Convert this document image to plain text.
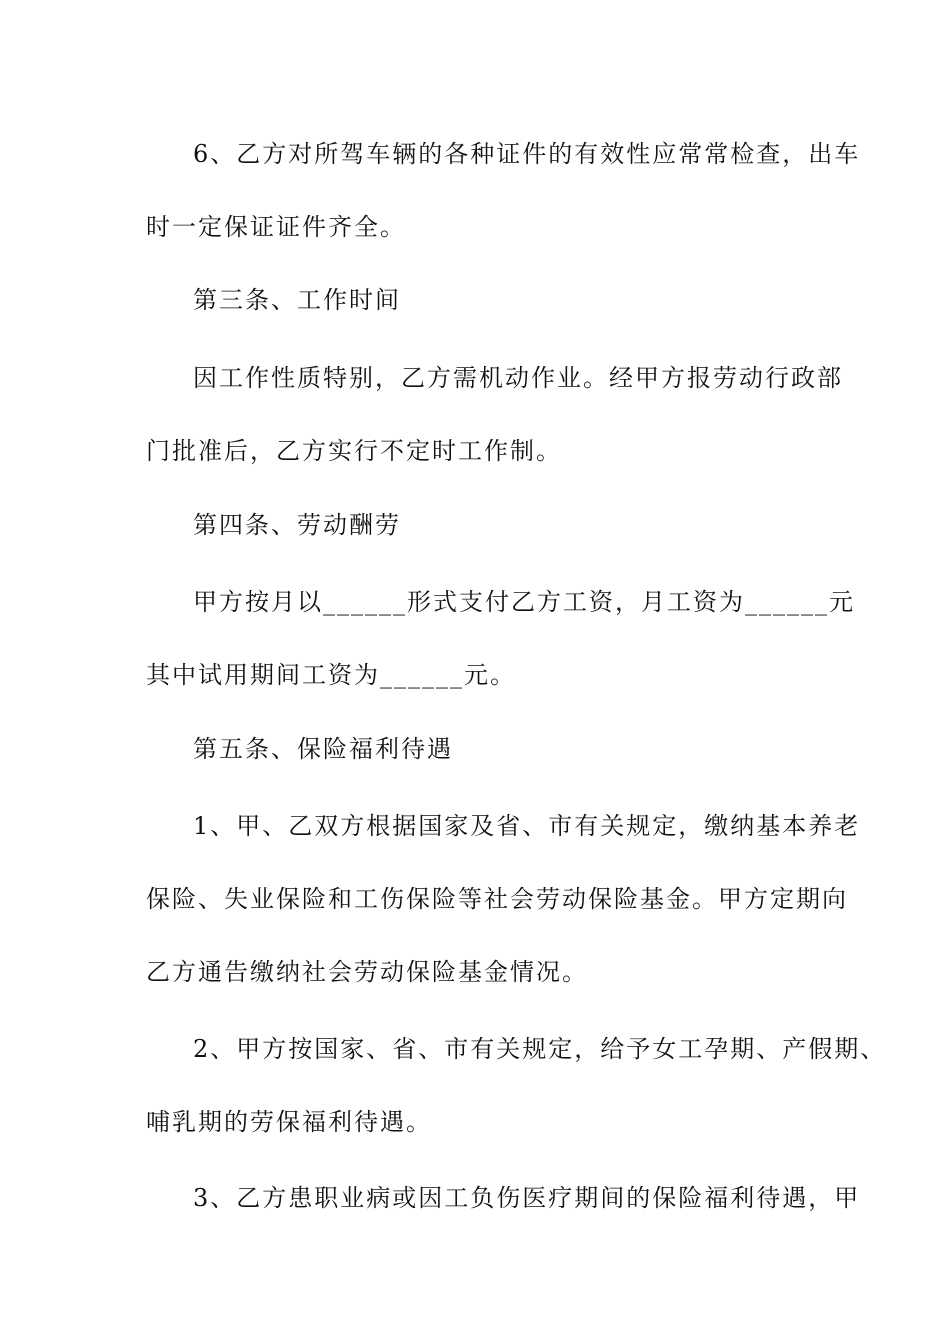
6、乙方对所驾车辆的各种证件的有效性应常常检查，出车
时一定保证证件齐全。
第三条、工作时间
因工作性质特别，乙方需机动作业。经甲方报劳动行政部
门批准后，乙方实行不定时工作制。
第四条、劳动酬劳
甲方按月以______形式支付乙方工资，月工资为______元
其中试用期间工资为______元。
第五条、保险福利待遇
1、甲、乙双方根据国家及省、市有关规定，缴纳基本养老
保险、失业保险和工伤保险等社会劳动保险基金。甲方定期向
乙方通告缴纳社会劳动保险基金情况。
2、甲方按国家、省、市有关规定，给予女工孕期、产假期、
哺乳期的劳保福利待遇。
3、乙方患职业病或因工负伤医疗期间的保险福利待遇，甲
